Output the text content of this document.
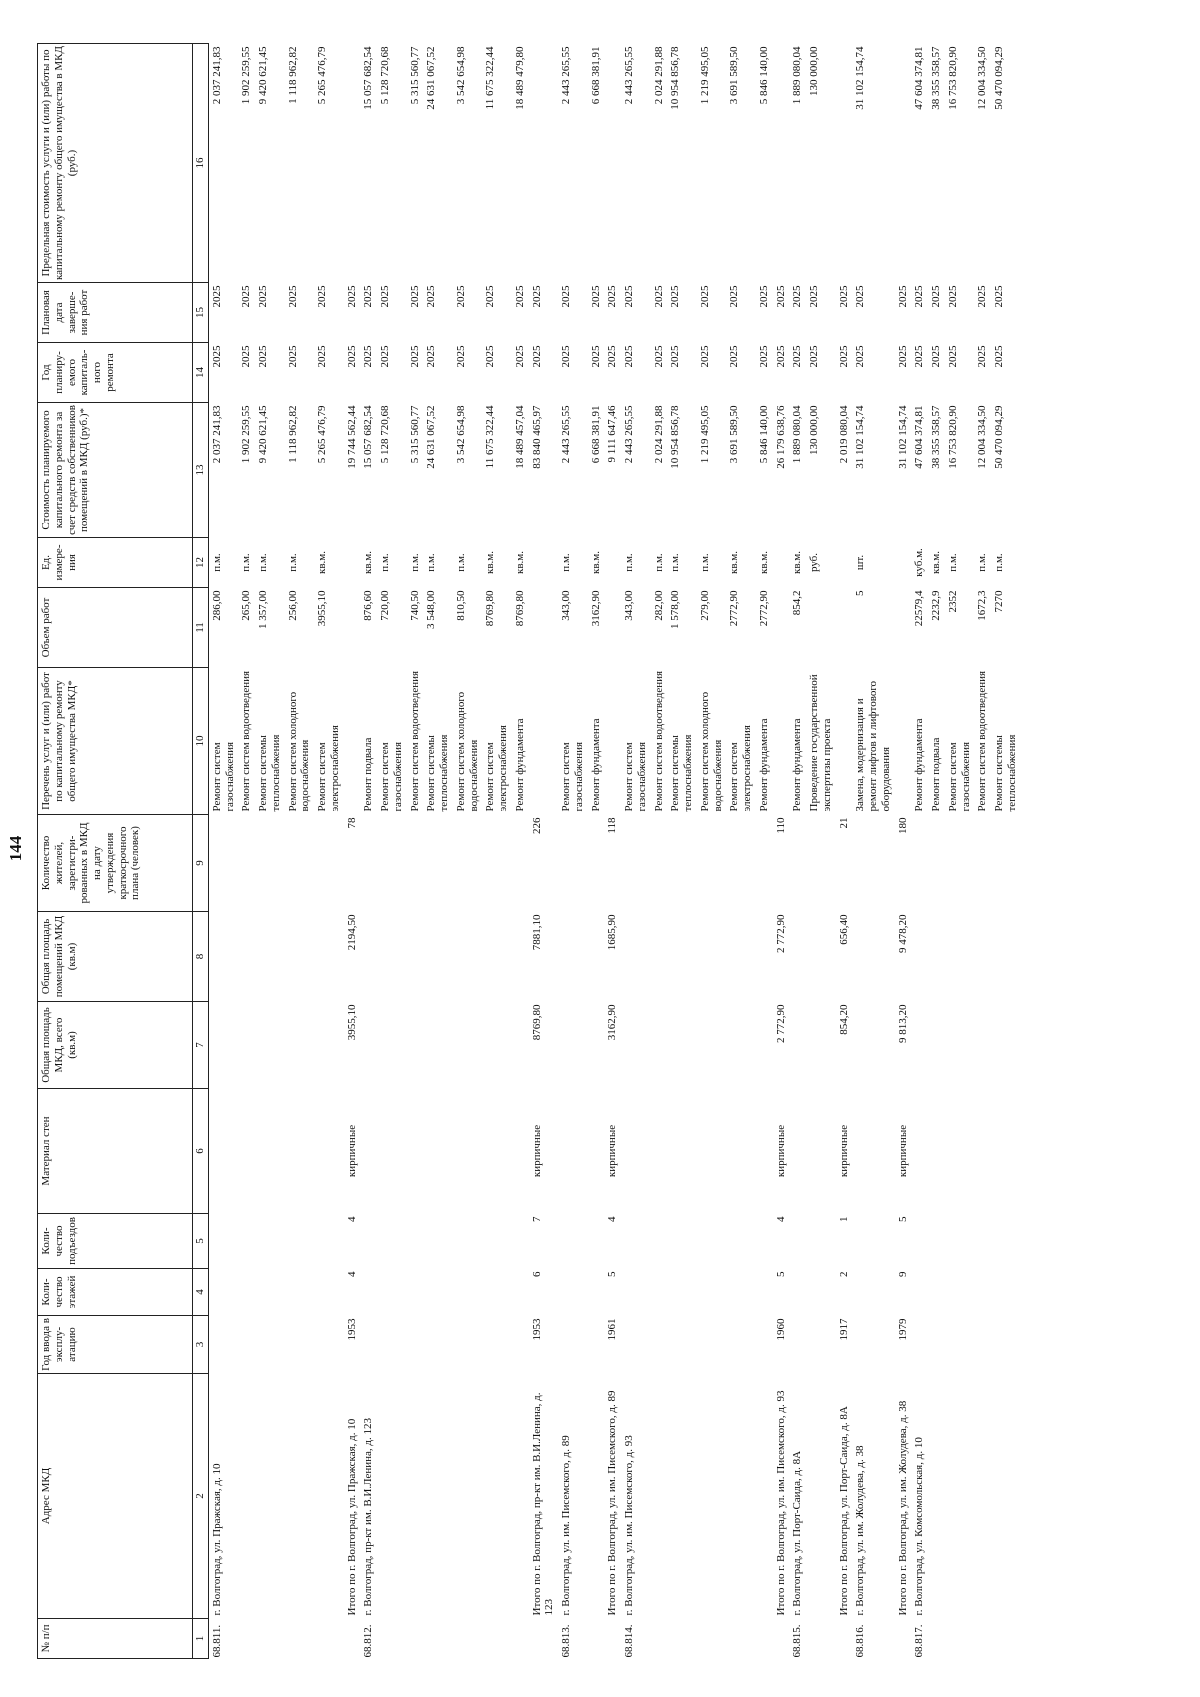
144
№ п/п	Адрес МКД	Год ввода в эксплу-атацию	Коли-чество этажей	Коли-чество подъездов	Материал стен	Общая площадь МКД, всего (кв.м)	Общая площадь помещений МКД (кв.м)	Количество жителей, зарегистри-рованных в МКД на дату утверждения краткосрочного плана (человек)	Перечень услуг и (или) работ по капитальному ремонту общего имущества МКД*	Объем работ	Ед. измере-ния	Стоимость планируемого капитального ремонта за счет средств собственников помещений в МКД (руб.)*	Год планиру-емого капиталь-ного ремонта	Плановая дата заверше-ния работ	Предельная стоимость услуги и (или) работы по капитальному ремонту общего имущества в МКД (руб.)
1	2	3	4	5	6	7	8	9	10	11	12	13	14	15	16
68.811.	г. Волгоград, ул. Пражская, д. 10								Ремонт систем газоснабжения	286,00	п.м.	2 037 241,83	2025	2025	2 037 241,83
									Ремонт систем водоотведения	265,00	п.м.	1 902 259,55	2025	2025	1 902 259,55
									Ремонт системы теплоснабжения	1 357,00	п.м.	9 420 621,45	2025	2025	9 420 621,45
									Ремонт систем холодного водоснабжения	256,00	п.м.	1 118 962,82	2025	2025	1 118 962,82
									Ремонт систем электроснабжения	3955,10	кв.м.	5 265 476,79	2025	2025	5 265 476,79
	Итого по г. Волгоград, ул. Пражская, д. 10	1953	4	4	кирпичные	3955,10	2194,50	78				19 744 562,44	2025	2025	
68.812.	г. Волгоград, пр-кт им. В.И.Ленина, д. 123								Ремонт подвала	876,60	кв.м.	15 057 682,54	2025	2025	15 057 682,54
									Ремонт систем газоснабжения	720,00	п.м.	5 128 720,68	2025	2025	5 128 720,68
									Ремонт систем водоотведения	740,50	п.м.	5 315 560,77	2025	2025	5 315 560,77
									Ремонт системы теплоснабжения	3 548,00	п.м.	24 631 067,52	2025	2025	24 631 067,52
									Ремонт систем холодного водоснабжения	810,50	п.м.	3 542 654,98	2025	2025	3 542 654,98
									Ремонт систем электроснабжения	8769,80	кв.м.	11 675 322,44	2025	2025	11 675 322,44
									Ремонт фундамента	8769,80	кв.м.	18 489 457,04	2025	2025	18 489 479,80
	Итого по г. Волгоград, пр-кт им. В.И.Ленина, д. 123	1953	6	7	кирпичные	8769,80	7881,10	226				83 840 465,97	2025	2025	
68.813.	г. Волгоград, ул. им. Писемского, д. 89								Ремонт систем газоснабжения	343,00	п.м.	2 443 265,55	2025	2025	2 443 265,55
									Ремонт фундамента	3162,90	кв.м.	6 668 381,91	2025	2025	6 668 381,91
	Итого по г. Волгоград, ул. им. Писемского, д. 89	1961	5	4	кирпичные	3162,90	1685,90	118				9 111 647,46	2025	2025	
68.814.	г. Волгоград, ул. им. Писемского, д. 93								Ремонт систем газоснабжения	343,00	п.м.	2 443 265,55	2025	2025	2 443 265,55
									Ремонт систем водоотведения	282,00	п.м.	2 024 291,88	2025	2025	2 024 291,88
									Ремонт системы теплоснабжения	1 578,00	п.м.	10 954 856,78	2025	2025	10 954 856,78
									Ремонт систем холодного водоснабжения	279,00	п.м.	1 219 495,05	2025	2025	1 219 495,05
									Ремонт систем электроснабжения	2772,90	кв.м.	3 691 589,50	2025	2025	3 691 589,50
									Ремонт фундамента	2772,90	кв.м.	5 846 140,00	2025	2025	5 846 140,00
	Итого по г. Волгоград, ул. им. Писемского, д. 93	1960	5	4	кирпичные	2 772,90	2 772,90	110				26 179 638,76	2025	2025	
68.815.	г. Волгоград, ул. Порт-Саида, д. 8А								Ремонт фундамента	854,2	кв.м.	1 889 080,04	2025	2025	1 889 080,04
									Проведение государственной экспертизы проекта		руб.	130 000,00	2025	2025	130 000,00
	Итого по г. Волгоград, ул. Порт-Саида, д. 8А	1917	2	1	кирпичные	854,20	656,40	21				2 019 080,04	2025	2025	
68.816.	г. Волгоград, ул. им. Жолудева, д. 38								Замена, модернизация и ремонт лифтов и лифтового оборудования	5	шт.	31 102 154,74	2025	2025	31 102 154,74
	Итого по г. Волгоград, ул. им. Жолудева, д. 38	1979	9	5	кирпичные	9 813,20	9 478,20	180				31 102 154,74	2025	2025	
68.817.	г. Волгоград, ул. Комсомольская, д. 10								Ремонт фундамента	22579,4	куб.м.	47 604 374,81	2025	2025	47 604 374,81
									Ремонт подвала	2232,9	кв.м.	38 355 358,57	2025	2025	38 355 358,57
									Ремонт систем газоснабжения	2352	п.м.	16 753 820,90	2025	2025	16 753 820,90
									Ремонт систем водоотведения	1672,3	п.м.	12 004 334,50	2025	2025	12 004 334,50
									Ремонт системы теплоснабжения	7270	п.м.	50 470 094,29	2025	2025	50 470 094,29
